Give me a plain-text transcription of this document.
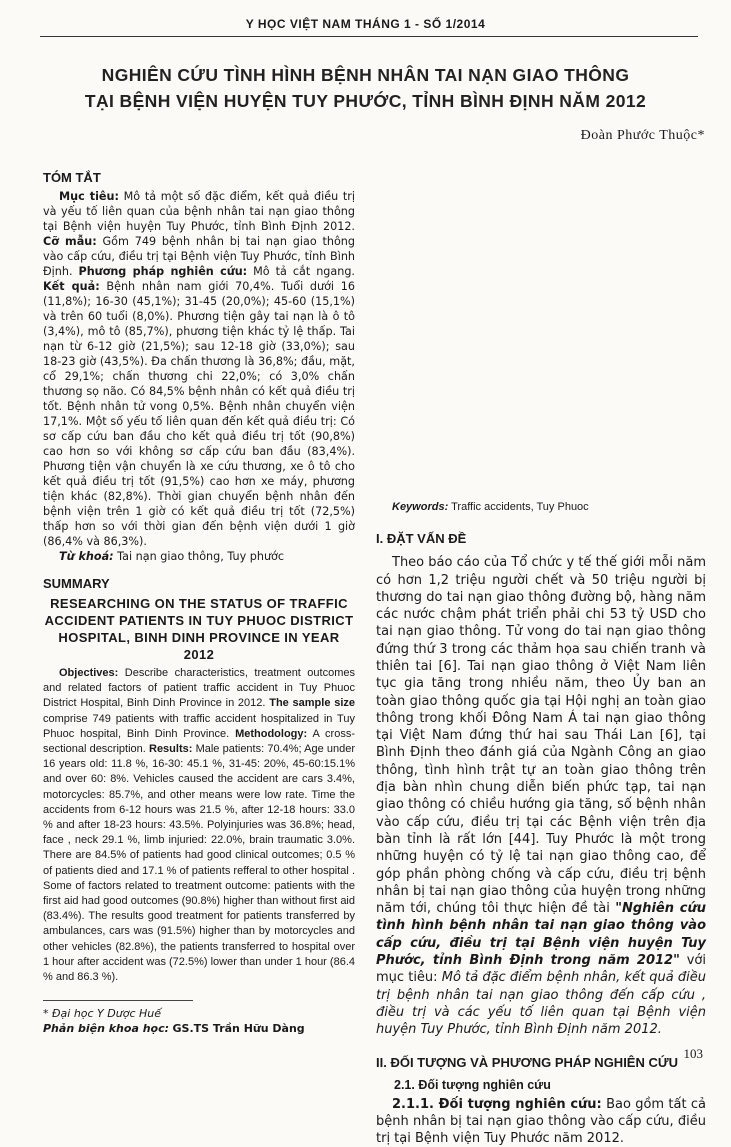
Y HỌC VIỆT NAM THÁNG 1 - SỐ 1/2014
NGHIÊN CỨU TÌNH HÌNH BỆNH NHÂN TAI NẠN GIAO THÔNG
TẠI BỆNH VIỆN HUYỆN TUY PHƯỚC, TỈNH BÌNH ĐỊNH NĂM 2012
Đoàn Phước Thuộc*
TÓM TẮT

Mục tiêu: Mô tả một số đặc điểm, kết quả điều trị và yếu tố liên quan của bệnh nhân tai nạn giao thông tại Bệnh viện huyện Tuy Phước, tỉnh Bình Định 2012. Cỡ mẫu: Gồm 749 bệnh nhân bị tai nạn giao thông vào cấp cứu, điều trị tại Bệnh viện Tuy Phước, tỉnh Bình Định. Phương pháp nghiên cứu: Mô tả cắt ngang. Kết quả: Bệnh nhân nam giới 70,4%. Tuổi dưới 16 (11,8%); 16-30 (45,1%); 31-45 (20,0%); 45-60 (15,1%) và trên 60 tuổi (8,0%). Phương tiện gây tai nạn là ô tô (3,4%), mô tô (85,7%), phương tiện khác tỷ lệ thấp. Tai nạn từ 6-12 giờ (21,5%); sau 12-18 giờ (33,0%); sau 18-23 giờ (43,5%). Đa chấn thương là 36,8%; đầu, mặt, cổ 29,1%; chấn thương chi 22,0%; có 3,0% chấn thương sọ não. Có 84,5% bệnh nhân có kết quả điều trị tốt. Bệnh nhân tử vong 0,5%. Bệnh nhân chuyển viện 17,1%. Một số yếu tố liên quan đến kết quả điều trị: Có sơ cấp cứu ban đầu cho kết quả điều trị tốt (90,8%) cao hơn so với không sơ cấp cứu ban đầu (83,4%). Phương tiện vận chuyển là xe cứu thương, xe ô tô cho kết quả điều trị tốt (91,5%) cao hơn xe máy, phương tiện khác (82,8%). Thời gian chuyển bệnh nhân đến bệnh viện trên 1 giờ có kết quả điều trị tốt (72,5%) thấp hơn so với thời gian đến bệnh viện dưới 1 giờ (86,4% và 86,3%).

Từ khoá: Tai nạn giao thông, Tuy phước

SUMMARY
RESEARCHING ON THE STATUS OF TRAFFIC ACCIDENT PATIENTS IN TUY PHUOC DISTRICT HOSPITAL, BINH DINH PROVINCE IN YEAR 2012

Objectives: Describe characteristics, treatment outcomes and related factors of patient traffic accident in Tuy Phuoc District Hospital, Binh Dinh Province in 2012. The sample size comprise 749 patients with traffic accident hospitalized in Tuy Phuoc hospital, Binh Dinh Province. Methodology: A cross-sectional description. Results: Male patients: 70.4%; Age under 16 years old: 11.8 %, 16-30: 45.1 %, 31-45: 20%, 45-60:15.1% and over 60: 8%. Vehicles caused the accident are cars 3.4%, motorcycles: 85.7%, and other means were low rate. Time the accidents from 6-12 hours was 21.5 %, after 12-18 hours: 33.0 % and after 18-23 hours: 43.5%. Polyinjuries was 36.8%; head, face , neck 29.1 %, limb injuried: 22.0%, brain traumatic 3.0%. There are 84.5% of patients had good clinical outcomes; 0.5 % of patients died and 17.1 % of patients refferal to other hospital . Some of factors related to treatment outcome: patients with the first aid had good outcomes (90.8%) higher than without first aid (83.4%). The results good treatment for patients transferred by ambulances, cars was (91.5%) higher than by motorcycles and other vehicles (82.8%), the patients transferred to hospital over 1 hour after accident was (72.5%) lower than under 1 hour (86.4 % and 86.3 %).

Keywords: Traffic accidents, Tuy Phuoc

I. ĐẶT VẤN ĐỀ

Theo báo cáo của Tổ chức y tế thế giới mỗi năm có hơn 1,2 triệu người chết và 50 triệu người bị thương do tai nạn giao thông đường bộ, hàng năm các nước chậm phát triển phải chi 53 tỷ USD cho tai nạn giao thông. Tử vong do tai nạn giao thông đứng thứ 3 trong các thảm họa sau chiến tranh và thiên tai [6]. Tai nạn giao thông ở Việt Nam liên tục gia tăng trong nhiều năm, theo Ủy ban an toàn giao thông quốc gia tại Hội nghị an toàn giao thông trong khối Đông Nam Á tai nạn giao thông tại Việt Nam đứng thứ hai sau Thái Lan [6], tại Bình Định theo đánh giá của Ngành Công an giao thông, tình hình trật tự an toàn giao thông trên địa bàn nhìn chung diễn biến phức tạp, tai nạn giao thông có chiều hướng gia tăng, số bệnh nhân vào cấp cứu, điều trị tại các Bệnh viện trên địa bàn tỉnh là rất lớn [44]. Tuy Phước là một trong những huyện có tỷ lệ tai nạn giao thông cao, để góp phần phòng chống và cấp cứu, điều trị bệnh nhân bị tai nạn giao thông của huyện trong những năm tới, chúng tôi thực hiện đề tài "Nghiên cứu tình hình bệnh nhân tai nạn giao thông vào cấp cứu, điều trị tại Bệnh viện huyện Tuy Phước, tỉnh Bình Định trong năm 2012" với mục tiêu: Mô tả đặc điểm bệnh nhân, kết quả điều trị bệnh nhân tai nạn giao thông đến cấp cứu , điều trị và các yếu tố liên quan tại Bệnh viện huyện Tuy Phước, tỉnh Bình Định năm 2012.

II. ĐỐI TƯỢNG VÀ PHƯƠNG PHÁP NGHIÊN CỨU
2.1. Đối tượng nghiên cứu

2.1.1. Đối tượng nghiên cứu: Bao gồm tất cả bệnh nhân bị tai nạn giao thông vào cấp cứu, điều trị tại Bệnh viện Tuy Phước năm 2012.

* Đại học Y Dược Huế
Phản biện khoa học: GS.TS Trần Hữu Dàng
103
